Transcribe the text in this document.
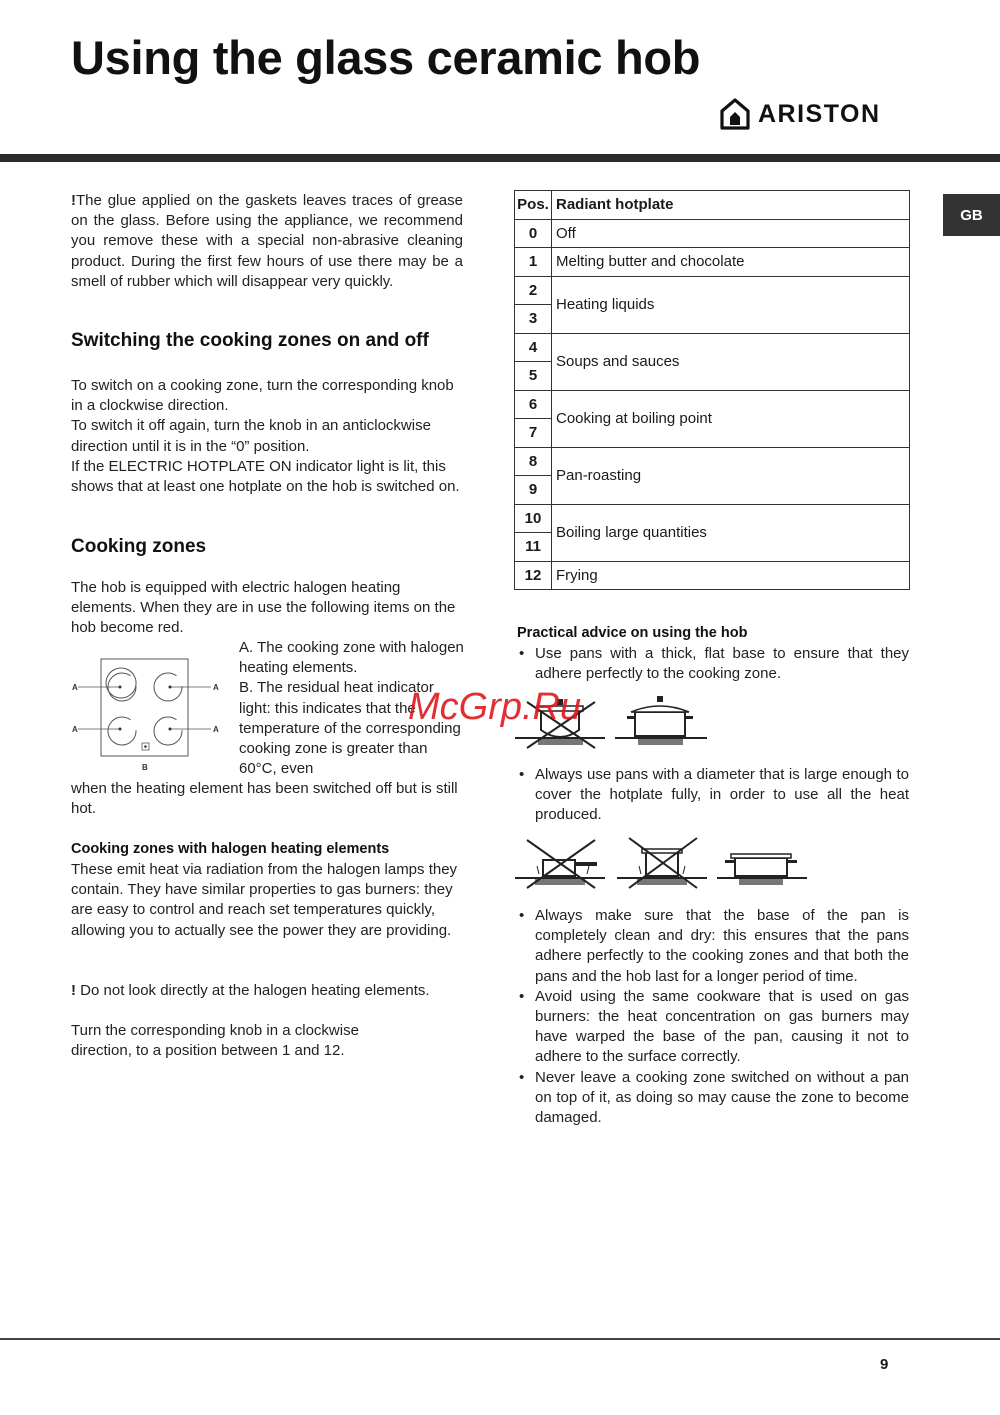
Using the glass ceramic hob
ARISTON
GB
!The glue applied on the gaskets leaves traces of grease on the glass. Before using the appliance, we recommend you remove these with a special non-abrasive cleaning product. During the first few hours of use there may be a smell of rubber which will disappear very quickly.
Switching the cooking zones on and off
To switch on a cooking zone, turn the corresponding knob in a clockwise direction.
To switch it off again, turn the knob in an anticlockwise direction until it is in the “0” position.
If the ELECTRIC HOTPLATE ON indicator light is lit, this shows that at least one hotplate on the hob is switched on.
Cooking zones
The hob is equipped with electric halogen heating elements. When they are in use the following items on the hob become red.
A
A
A
A
B
A. The cooking zone with halogen heating elements.
B. The residual heat indicator light: this indicates that the temperature of the corresponding cooking zone is greater than 60°C, even
when the heating element has been switched off but is still hot.
Cooking zones with halogen heating elements
These emit heat via radiation from the halogen lamps they contain. They have similar properties to gas burners: they are easy to control and reach set temperatures quickly, allowing you to actually see the power they are providing.
! Do not look directly at the halogen heating elements.
Turn the corresponding knob in a clockwise direction, to a position between 1 and 12.
Pos.	Radiant hotplate
0	Off
1	Melting butter and chocolate
2	Heating liquids
3	
4	Soups and sauces
5	
6	Cooking at boiling point
7	
8	Pan-roasting
9	
10	Boiling large quantities
11	
12	Frying
Practical advice on using the hob
• Use pans with a thick, flat base to ensure that they adhere perfectly to the cooking zone.
• Always use pans with a diameter that is large enough to cover the hotplate fully, in order to use all the heat produced.
• Always make sure that the base of the pan is completely clean and dry: this ensures that the pans adhere perfectly to the cooking zones and that both the pans and the hob last for a longer period of time.
• Avoid using the same cookware that is used on gas burners: the heat concentration on gas burners may have warped the base of the pan, causing it not to adhere to the surface correctly.
• Never leave a cooking zone switched on without a pan on top of it, as doing so may cause the zone to become damaged.
McGrp.Ru
9
